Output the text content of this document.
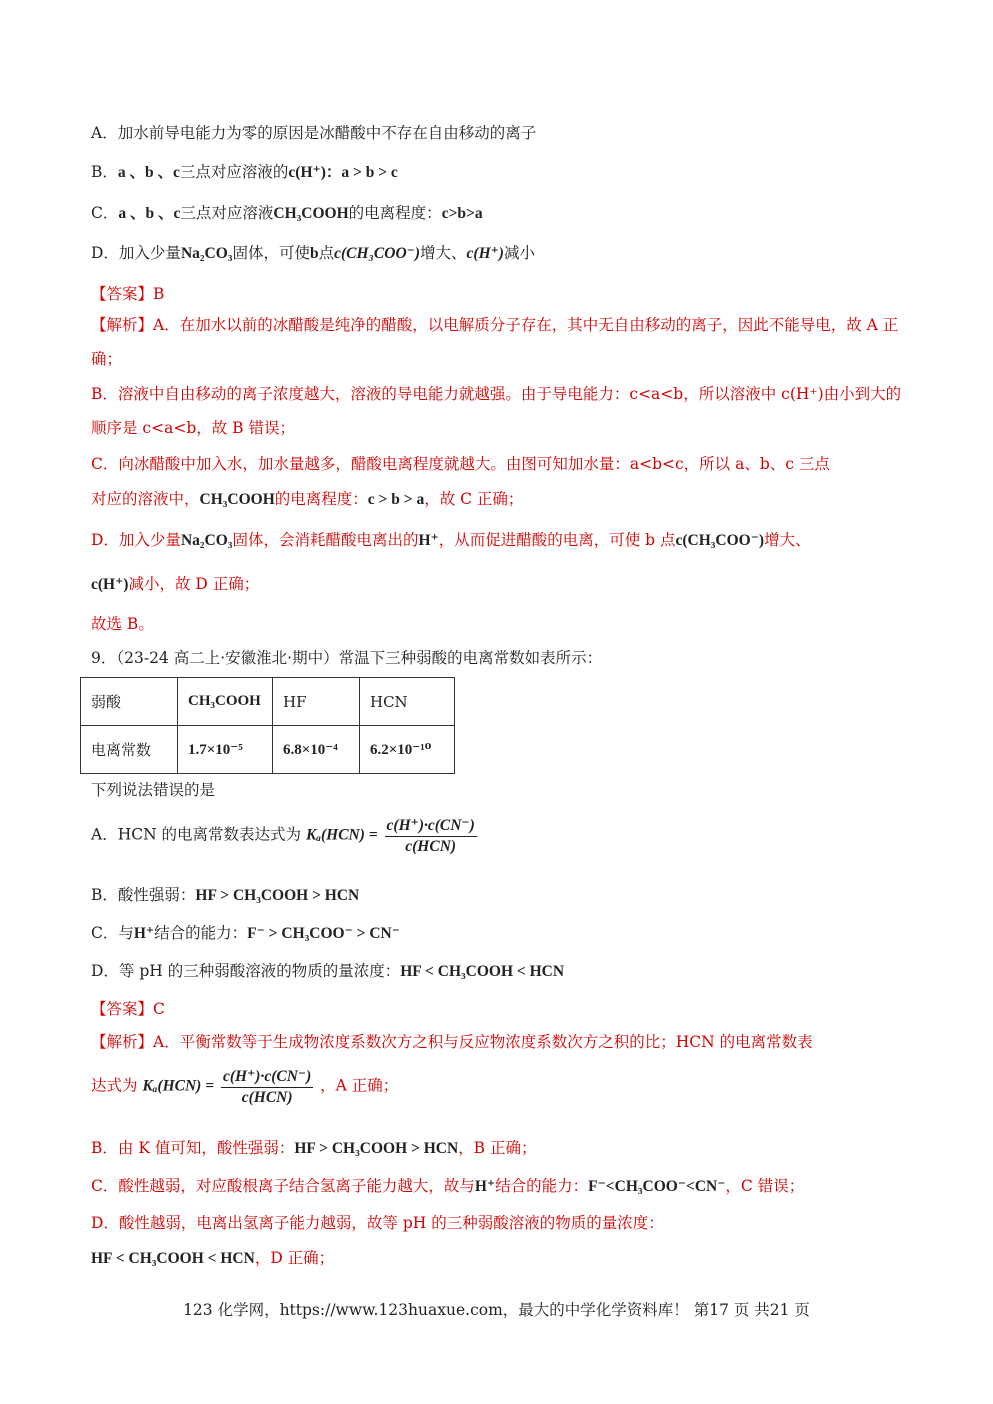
A．加水前导电能力为零的原因是冰醋酸中不存在自由移动的离子
B．a 、b 、c三点对应溶液的c(H⁺)：a > b > c
C．a 、b 、c三点对应溶液CH₃COOH的电离程度：c>b>a
D．加入少量Na₂CO₃固体，可使b点c(CH₃COO⁻)增大、c(H⁺)减小
【答案】B
【解析】A．在加水以前的冰醋酸是纯净的醋酸，以电解质分子存在，其中无自由移动的离子，因此不能导电，故 A 正确；
B．溶液中自由移动的离子浓度越大，溶液的导电能力就越强。由于导电能力：c<a<b，所以溶液中 c(H⁺)由小到大的顺序是 c<a<b，故 B 错误；
C．向冰醋酸中加入水，加水量越多，醋酸电离程度就越大。由图可知加水量：a<b<c，所以 a、b、c 三点
对应的溶液中，CH₃COOH的电离程度：c > b > a，故 C 正确；
D．加入少量Na₂CO₃固体，会消耗醋酸电离出的H⁺，从而促进醋酸的电离，可使 b 点c(CH₃COO⁻)增大、
c(H⁺)减小，故 D 正确；
故选 B。
9．（23-24 高二上·安徽淮北·期中）常温下三种弱酸的电离常数如表所示：
弱酸	CH₃COOH	HF	HCN
电离常数	1.7×10⁻⁵	6.8×10⁻⁴	6.2×10⁻¹⁰
下列说法错误的是
A．HCN 的电离常数表达式为 $K_a(HCN) = \frac{c(H^+)\cdot c(CN^-)}{\text{c(HCN)}}$
B．酸性强弱：HF > CH₃COOH > HCN
C．与H⁺结合的能力：F⁻ > CH₃COO⁻ > CN⁻
D．等 pH 的三种弱酸溶液的物质的量浓度：HF < CH₃COOH < HCN
【答案】C
【解析】A．平衡常数等于生成物浓度系数次方之积与反应物浓度系数次方之积的比；HCN 的电离常数表
达式为 $K_a(HCN) = \frac{c(H^+)\cdot c(CN^-)}{\text{c(HCN)}}$ ，A 正确；
B．由 K 值可知，酸性强弱：HF > CH₃COOH > HCN，B 正确；
C．酸性越弱，对应酸根离子结合氢离子能力越大，故与H⁺结合的能力：F⁻<CH₃COO⁻<CN⁻，C 错误；
D．酸性越弱，电离出氢离子能力越弱，故等 pH 的三种弱酸溶液的物质的量浓度：
HF < CH₃COOH < HCN，D 正确；
123 化学网，https://www.123huaxue.com，最大的中学化学资料库！ 第17 页 共21 页
